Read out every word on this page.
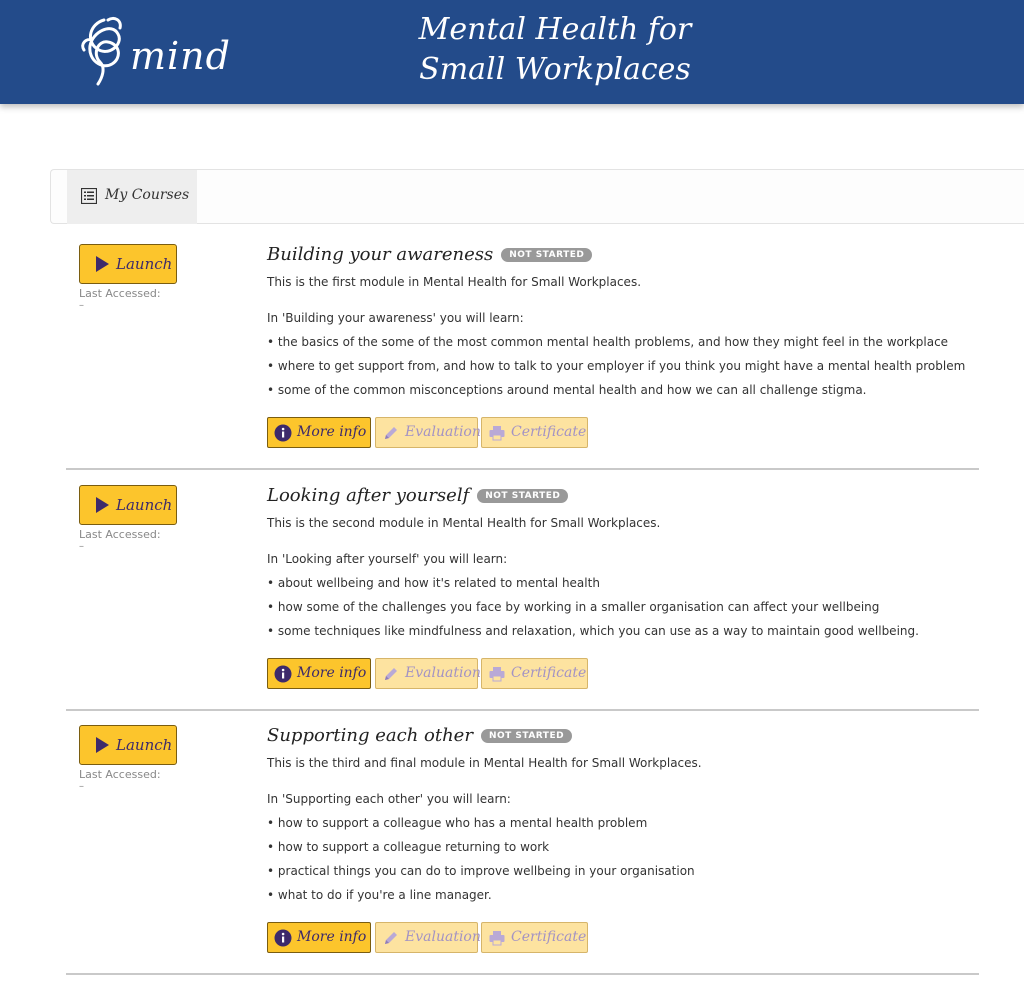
mind
Mental Health for
Small Workplaces
My Courses
Launch
Last Accessed:
–
Building your awareness NOT STARTED
This is the first module in Mental Health for Small Workplaces.
In 'Building your awareness' you will learn:
• the basics of the some of the most common mental health problems, and how they might feel in the workplace
• where to get support from, and how to talk to your employer if you think you might have a mental health problem
• some of the common misconceptions around mental health and how we can all challenge stigma.
More info	Evaluation Certificate
Launch
Last Accessed:
–
Looking after yourself NOT STARTED
This is the second module in Mental Health for Small Workplaces.
In 'Looking after yourself' you will learn:
• about wellbeing and how it's related to mental health
• how some of the challenges you face by working in a smaller organisation can affect your wellbeing
• some techniques like mindfulness and relaxation, which you can use as a way to maintain good wellbeing.
More info	Evaluation Certificate
Launch
Last Accessed:
–
Supporting each other NOT STARTED
This is the third and final module in Mental Health for Small Workplaces.
In 'Supporting each other' you will learn:
• how to support a colleague who has a mental health problem
• how to support a colleague returning to work
• practical things you can do to improve wellbeing in your organisation
• what to do if you're a line manager.
More info	Evaluation Certificate
